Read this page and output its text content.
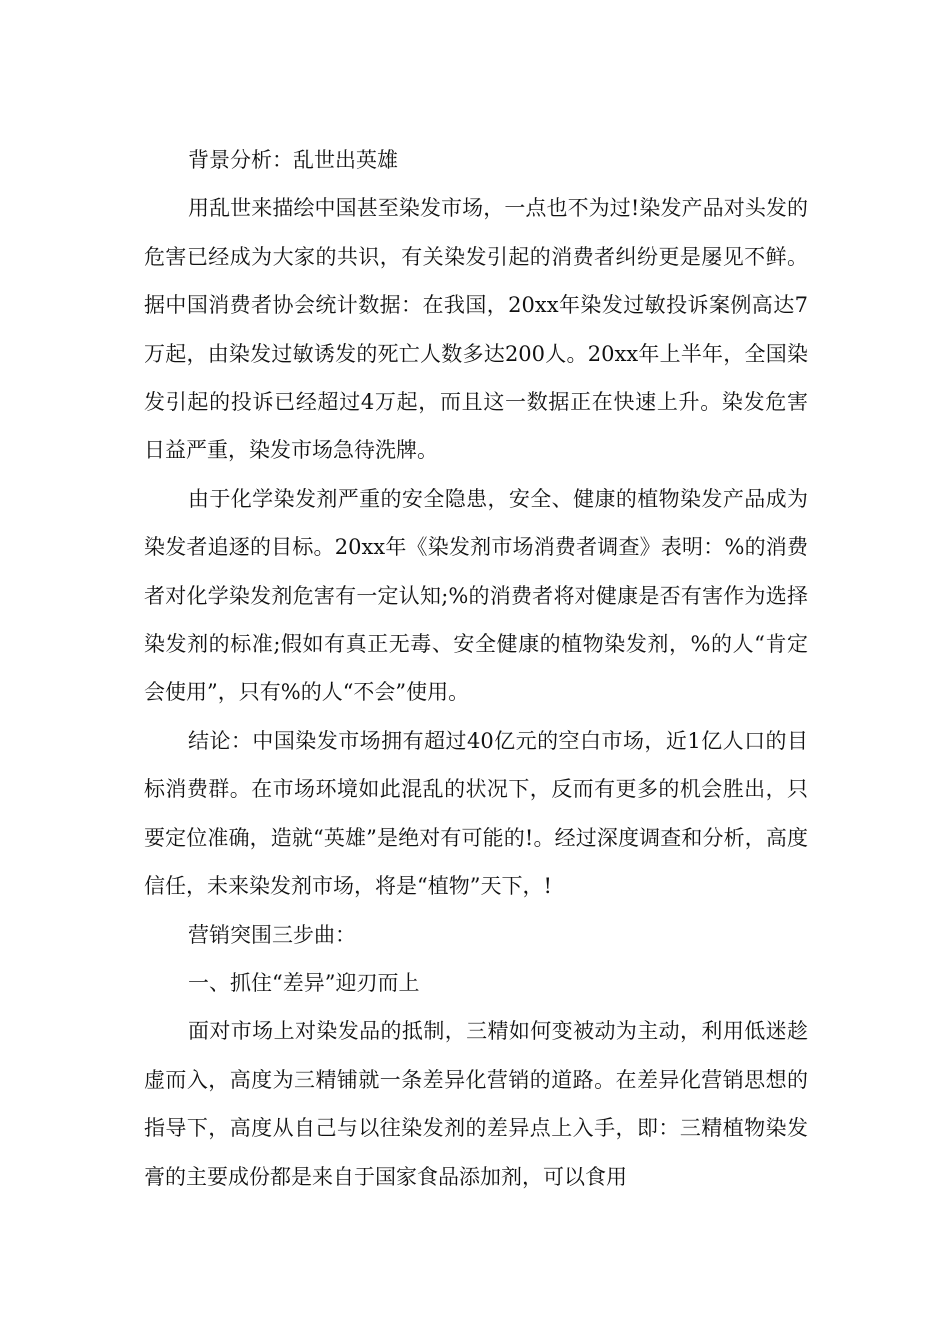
背景分析：乱世出英雄

用乱世来描绘中国甚至染发市场，一点也不为过!染发产品对头发的危害已经成为大家的共识，有关染发引起的消费者纠纷更是屡见不鲜。据中国消费者协会统计数据：在我国，20xx年染发过敏投诉案例高达7万起，由染发过敏诱发的死亡人数多达200人。20xx年上半年，全国染发引起的投诉已经超过4万起，而且这一数据正在快速上升。染发危害日益严重，染发市场急待洗牌。

由于化学染发剂严重的安全隐患，安全、健康的植物染发产品成为染发者追逐的目标。20xx年《染发剂市场消费者调查》表明：%的消费者对化学染发剂危害有一定认知;%的消费者将对健康是否有害作为选择染发剂的标准;假如有真正无毒、安全健康的植物染发剂，%的人“肯定会使用”，只有%的人“不会”使用。

结论：中国染发市场拥有超过40亿元的空白市场，近1亿人口的目标消费群。在市场环境如此混乱的状况下，反而有更多的机会胜出，只要定位准确，造就“英雄”是绝对有可能的!。经过深度调查和分析，高度信任，未来染发剂市场，将是“植物”天下，!

营销突围三步曲：

一、抓住“差异”迎刃而上

面对市场上对染发品的抵制，三精如何变被动为主动，利用低迷趁虚而入，高度为三精铺就一条差异化营销的道路。在差异化营销思想的指导下，高度从自己与以往染发剂的差异点上入手，即：三精植物染发膏的主要成份都是来自于国家食品添加剂，可以食用
